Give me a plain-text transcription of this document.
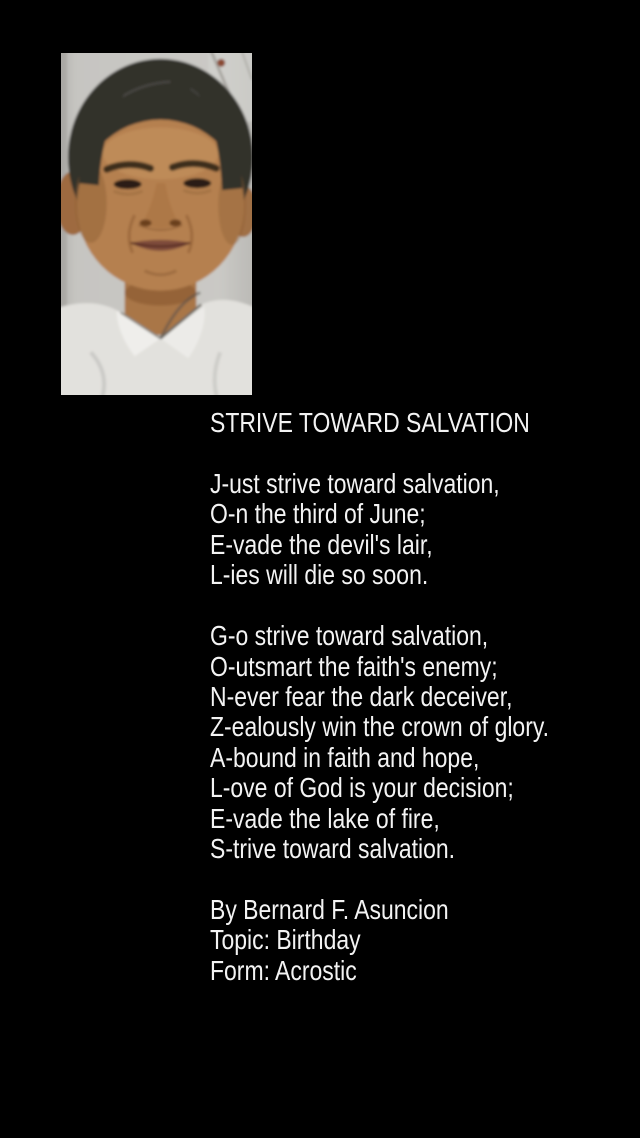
STRIVE TOWARD SALVATION
J-ust strive toward salvation,
O-n the third of June;
E-vade the devil's lair,
L-ies will die so soon.
G-o strive toward salvation,
O-utsmart the faith's enemy;
N-ever fear the dark deceiver,
Z-ealously win the crown of glory.
A-bound in faith and hope,
L-ove of God is your decision;
E-vade the lake of fire,
S-trive toward salvation.
By Bernard F. Asuncion
Topic: Birthday
Form: Acrostic
